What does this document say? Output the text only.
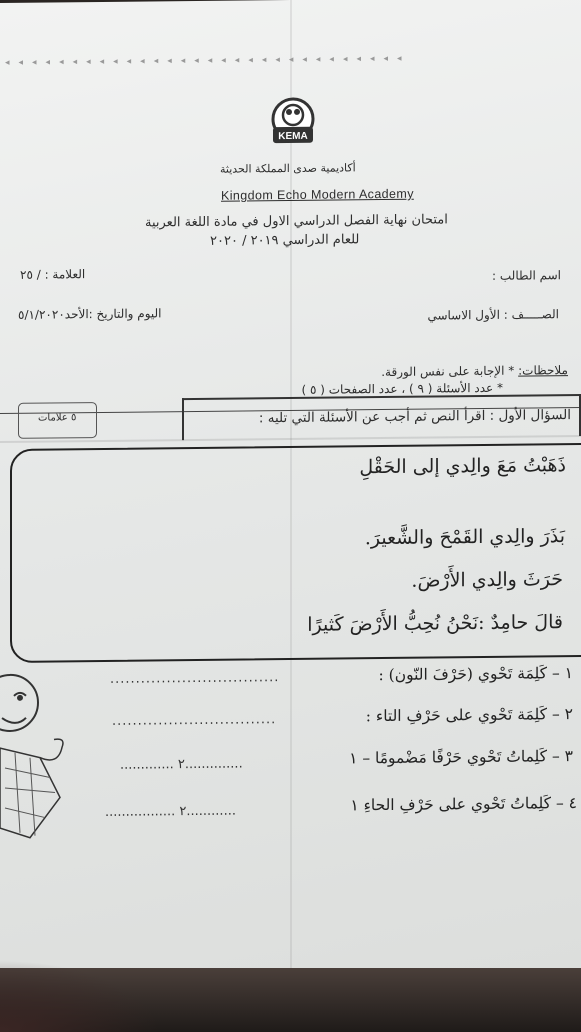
◂◂◂◂◂◂◂◂◂◂◂◂◂◂◂◂◂◂◂◂◂◂◂◂◂◂◂◂◂◂
KEMA
أكاديمية صدى المملكة الحديثة
Kingdom Echo Modern Academy
امتحان نهاية الفصل الدراسي الاول في مادة اللغة العربية
للعام الدراسي ٢٠١٩ / ٢٠٢٠
اسم الطالب :
العلامة : / ٢٥
الصـــــف : الأول الاساسي
اليوم والتاريخ :الأحد٥/١/٢٠٢٠
ملاحظات: * الإجابة على نفس الورقة.
* عدد الأسئلة ( ٩ ) ، عدد الصفحات ( ٥ )
السؤال الأول : اقرأ النص ثم أجب عن الأسئلة التي تليه :
٥ علامات
ذَهَبْتُ مَعَ والِدي إلى الحَقْلِ
بَذَرَ والِدي القَمْحَ والشَّعيرَ.
حَرَثَ والِدي الأَرْضَ.
قالَ حامِدٌ :نَحْنُ نُحِبُّ الأَرْضَ كَثيرًا
١ – كَلِمَة تَحْوي (حَرْفَ النّون) :
.................................
٢ – كَلِمَة تَحْوي على حَرْفِ التاء :
................................
٣ – كَلِماتُ تَحْوي حَرْفًا مَضْمومًا – ١
............. ٢..............
٤ – كَلِماتُ تَحْوي على حَرْفِ الحاءِ ١
................. ٢............
